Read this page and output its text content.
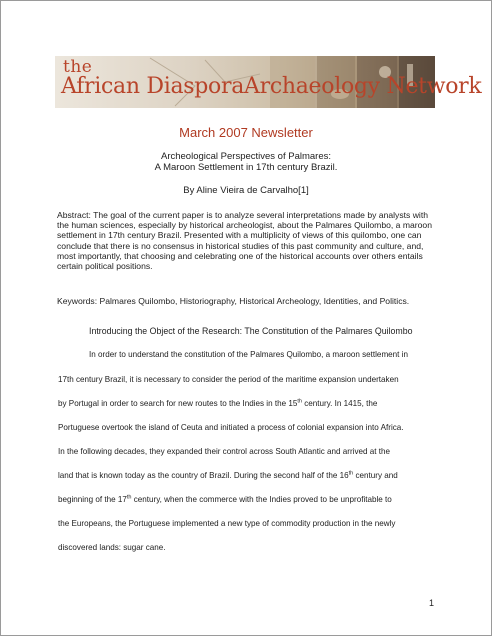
the
African DiasporaArchaeology Network
March 2007 Newsletter
Archeological Perspectives of Palmares:
A Maroon Settlement in 17th century Brazil.
By Aline Vieira de Carvalho[1]
Abstract: The goal of the current paper is to analyze several interpretations made by analysts with the human sciences, especially by historical archeologist, about the Palmares Quilombo, a maroon settlement in 17th century Brazil. Presented with a multiplicity of views of this quilombo, one can conclude that there is no consensus in historical studies of this past community and culture, and, most importantly, that choosing and celebrating one of the historical accounts over others entails certain political positions.
Keywords: Palmares Quilombo, Historiography, Historical Archeology, Identities, and Politics.
Introducing the Object of the Research: The Constitution of the Palmares Quilombo
In order to understand the constitution of the Palmares Quilombo, a maroon settlement in
17th century Brazil, it is necessary to consider the period of the maritime expansion undertaken
by Portugal in order to search for new routes to the Indies in the 15th century. In 1415, the
Portuguese overtook the island of Ceuta and initiated a process of colonial expansion into Africa.
In the following decades, they expanded their control across South Atlantic and arrived at the
land that is known today as the country of Brazil. During the second half of the 16th century and
beginning of the 17th century, when the commerce with the Indies proved to be unprofitable to
the Europeans, the Portuguese implemented a new type of commodity production in the newly
discovered lands: sugar cane.
1
